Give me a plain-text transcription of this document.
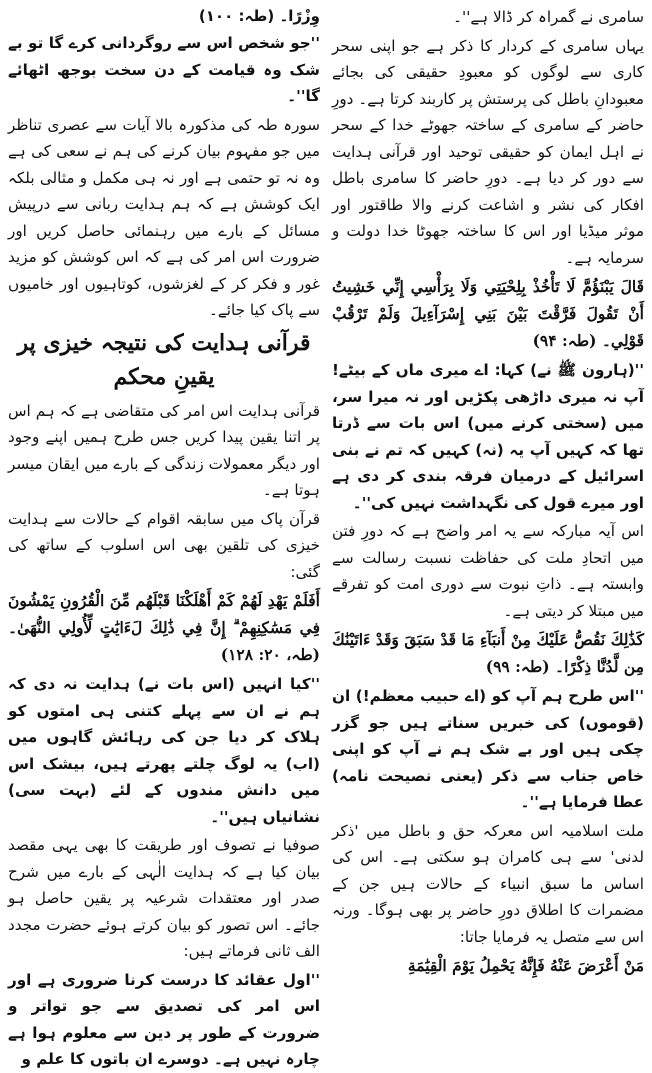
سامری نے گمراہ کر ڈالا ہے''۔
یہاں سامری کے کردار کا ذکر ہے جو اپنی سحر کاری سے لوگوں کو معبودِ حقیقی کی بجائے معبودانِ باطل کی پرستش پر کاربند کرتا ہے۔ دورِ حاضر کے سامری کے ساختہ جھوٹے خدا کے سحر نے اہل ایمان کو حقیقی توحید اور قرآنی ہدایت سے دور کر دیا ہے۔ دورِ حاضر کا سامری باطل افکار کی نشر و اشاعت کرنے والا طاقتور اور موثر میڈیا اور اس کا ساختہ جھوٹا خدا دولت و سرمایہ ہے۔
قَالَ يَبْنَؤُمَّ لَا تَأْخُذْ بِلِحْيَتِي وَلَا بِرَأْسِي إِنِّي خَشِيتُ أَنْ تَقُولَ فَرَّقْتَ بَيْنَ بَنِي إِسْرَآءِيلَ وَلَمْ تَرْقُبْ قَوْلِي۔ (طہ: ۹۴)
''(ہارون ﷺ نے) کہا: اے میری ماں کے بیٹے! آپ نہ میری داڑھی پکڑیں اور نہ میرا سر، میں (سختی کرنے میں) اس بات سے ڈرتا تھا کہ کہیں آپ یہ (نہ) کہیں کہ تم نے بنی اسرائیل کے درمیان فرقہ بندی کر دی ہے اور میرے قول کی نگہداشت نہیں کی''۔
اس آیہ مبارکہ سے یہ امر واضح ہے کہ دورِ فتن میں اتحادِ ملت کی حفاظت نسبت رسالت سے وابستہ ہے۔ ذاتِ نبوت سے دوری امت کو تفرقے میں مبتلا کر دیتی ہے۔
كَذَٰلِكَ نَقُصُّ عَلَيْكَ مِنْ أَنبَآءِ مَا قَدْ سَبَقَ وَقَدْ ءَاتَيْنَٰكَ مِن لَّدُنَّا ذِكْرًا۔ (طہ: ۹۹)
''اس طرح ہم آپ کو (اے حبیب معظم!) ان (قوموں) کی خبریں سناتے ہیں جو گزر چکی ہیں اور بے شک ہم نے آپ کو اپنی خاص جناب سے ذکر (یعنی نصیحت نامہ) عطا فرمایا ہے''۔
ملت اسلامیہ اس معرکہ حق و باطل میں 'ذکر لدنی' سے ہی کامران ہو سکتی ہے۔ اس کی اساس ما سبق انبیاء کے حالات ہیں جن کے مضمرات کا اطلاق دورِ حاضر پر بھی ہوگا۔ ورنہ اس سے متصل یہ فرمایا جاتا:
مَنْ أَعْرَضَ عَنْهُ فَإِنَّهُ يَحْمِلُ يَوْمَ الْقِيَٰمَةِ
وِزْرًا۔ (طہ: ۱۰۰)
''جو شخص اس سے روگردانی کرے گا تو بے شک وہ قیامت کے دن سخت بوجھ اٹھائے گا''۔
سورہ طہ کی مذکورہ بالا آیات سے عصری تناظر میں جو مفہوم بیان کرنے کی ہم نے سعی کی ہے وہ نہ تو حتمی ہے اور نہ ہی مکمل و مثالی بلکہ ایک کوشش ہے کہ ہم ہدایت ربانی سے درپیش مسائل کے بارے میں رہنمائی حاصل کریں اور ضرورت اس امر کی ہے کہ اس کوشش کو مزید غور و فکر کر کے لغزشوں، کوتاہیوں اور خامیوں سے پاک کیا جائے۔
قرآنی ہدایت کی نتیجہ خیزی پر یقینِ محکم
قرآنی ہدایت اس امر کی متقاضی ہے کہ ہم اس پر اتنا یقین پیدا کریں جس طرح ہمیں اپنے وجود اور دیگر معمولات زندگی کے بارے میں ایقان میسر ہوتا ہے۔
قرآن پاک میں سابقہ اقوام کے حالات سے ہدایت خیزی کی تلقین بھی اس اسلوب کے ساتھ کی گئی:
أَفَلَمْ يَهْدِ لَهُمْ كَمْ أَهْلَكْنَا قَبْلَهُم مِّنَ الْقُرُونِ يَمْشُونَ فِي مَسَٰكِنِهِمْ ۗ إِنَّ فِي ذَٰلِكَ لَءَايَٰتٍ لِّأُولِي النُّهَىٰ۔ (طہ، ۲۰: ۱۲۸)
''کیا انہیں (اس بات نے) ہدایت نہ دی کہ ہم نے ان سے پہلے کتنی ہی امتوں کو ہلاک کر دیا جن کی رہائش گاہوں میں (اب) یہ لوگ چلتے پھرتے ہیں، بیشک اس میں دانش مندوں کے لئے (بہت سی) نشانیاں ہیں''۔
صوفیا نے تصوف اور طریقت کا بھی یہی مقصد بیان کیا ہے کہ ہدایت الٰہی کے بارے میں شرح صدر اور معتقدات شرعیہ پر یقین حاصل ہو جائے۔ اس تصور کو بیان کرتے ہوئے حضرت مجدد الف ثانی فرماتے ہیں:
''اول عقائد کا درست کرنا ضروری ہے اور اس امر کی تصدیق سے جو تواتر و ضرورت کے طور پر دین سے معلوم ہوا ہے چارہ نہیں ہے۔ دوسرے ان باتوں کا علم و
